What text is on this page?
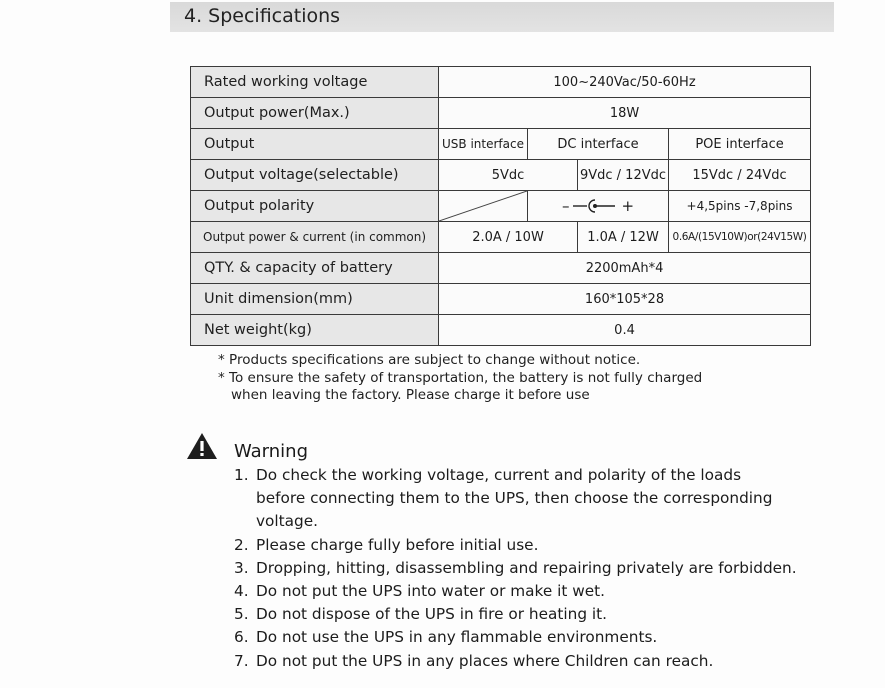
4. Specifications
Rated working voltage	100~240Vac/50-60Hz			
Output power(Max.)	18W			
Output	USB interface	DC interface		POE interface
Output voltage(selectable)	5Vdc		9Vdc / 12Vdc	15Vdc / 24Vdc
Output polarity		– +		+4,5pins -7,8pins
Output power & current (in common)	2.0A / 10W		1.0A / 12W	0.6A/(15V10W)or(24V15W)
QTY. & capacity of battery	2200mAh*4			
Unit dimension(mm)	160*105*28			
Net weight(kg)	0.4			
* Products specifications are subject to change without notice.
* To ensure the safety of transportation, the battery is not fully charged
when leaving the factory. Please charge it before use
Warning
1. Do check the working voltage, current and polarity of the loads
before connecting them to the UPS, then choose the corresponding
voltage.
2. Please charge fully before initial use.
3. Dropping, hitting, disassembling and repairing privately are forbidden.
4. Do not put the UPS into water or make it wet.
5. Do not dispose of the UPS in fire or heating it.
6. Do not use the UPS in any flammable environments.
7. Do not put the UPS in any places where Children can reach.
